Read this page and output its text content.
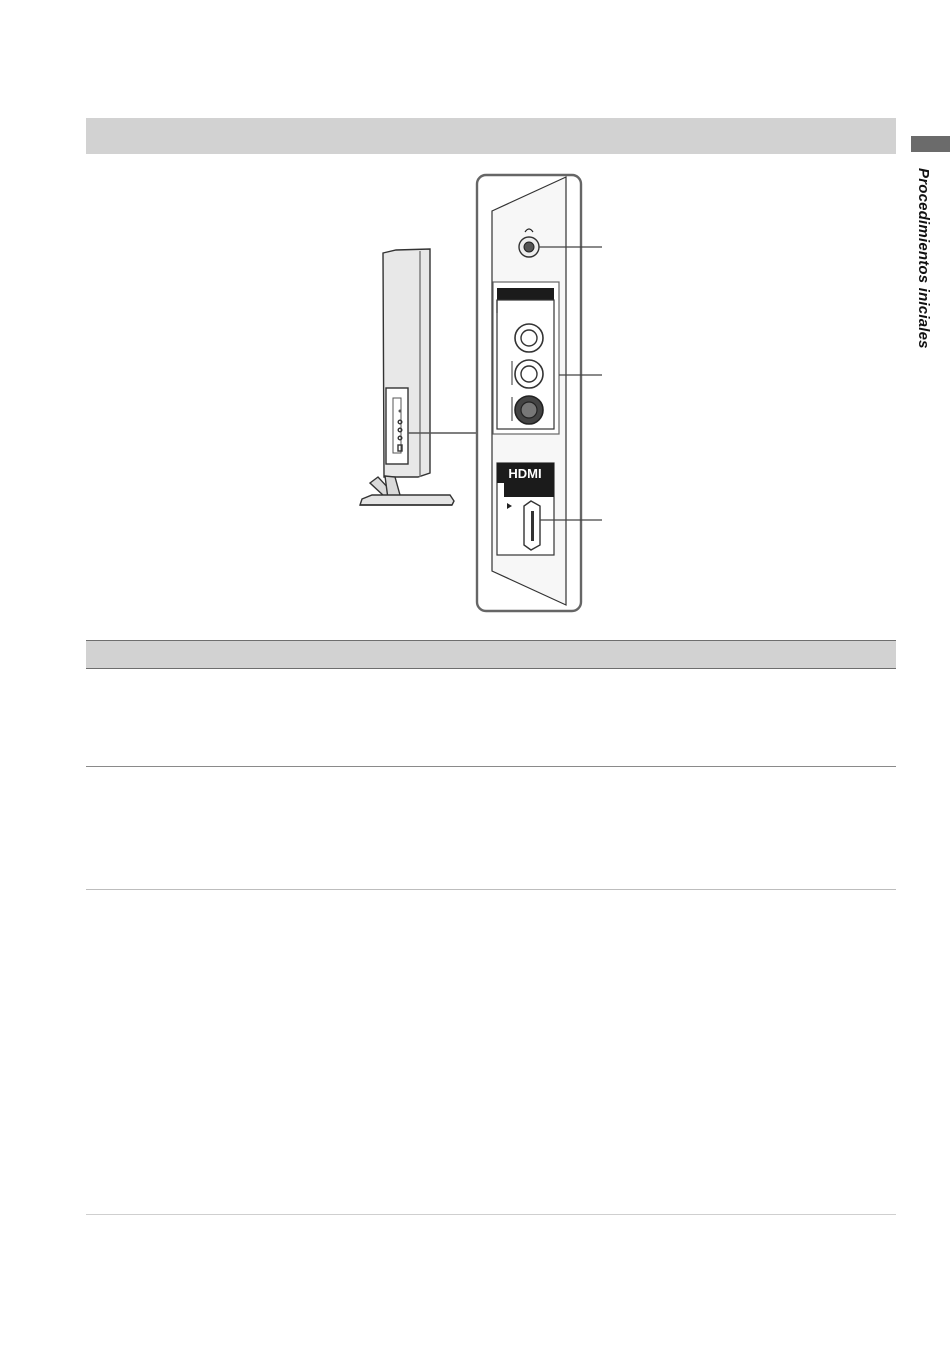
Procedimientos iniciales
HDMI
